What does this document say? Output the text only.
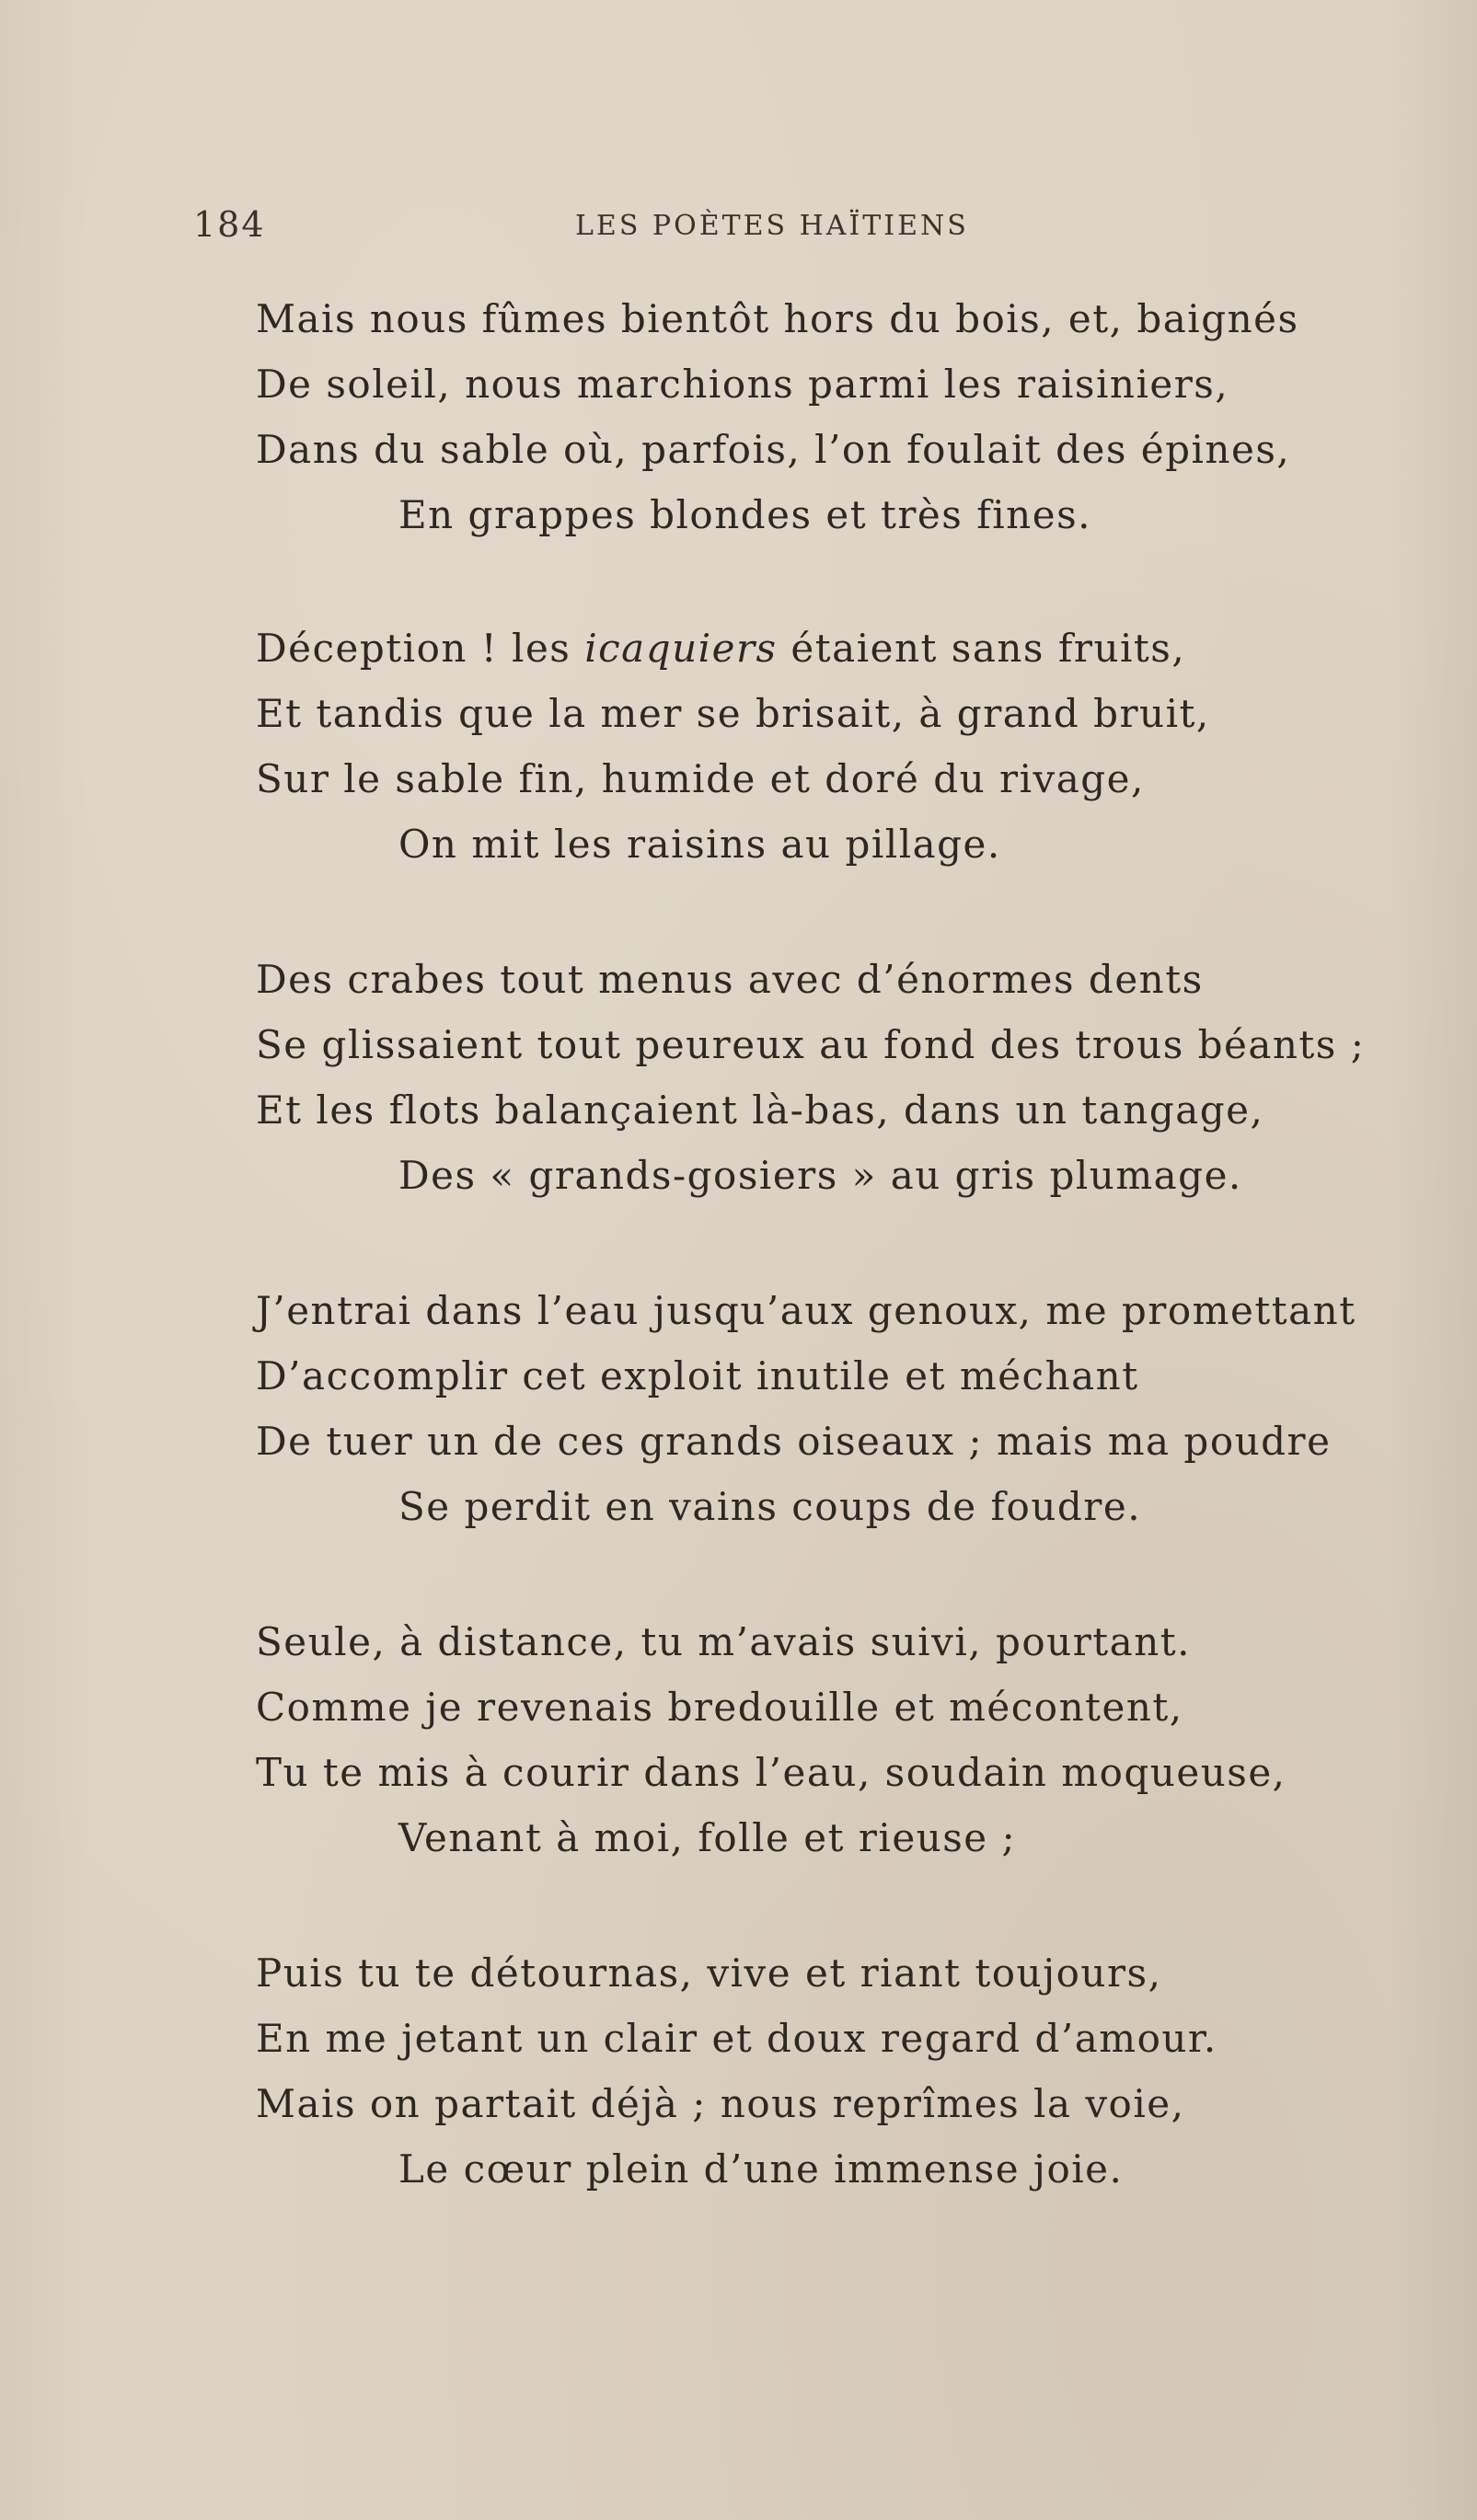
184	LES POÈTES HAÏTIENS
Mais nous fûmes bientôt hors du bois, et, baignés
De soleil, nous marchions parmi les raisiniers,
Dans du sable où, parfois, l’on foulait des épines,
En grappes blondes et très fines.
Déception ! les icaquiers étaient sans fruits,
Et tandis que la mer se brisait, à grand bruit,
Sur le sable fin, humide et doré du rivage,
On mit les raisins au pillage.
Des crabes tout menus avec d’énormes dents
Se glissaient tout peureux au fond des trous béants ;
Et les flots balançaient là-bas, dans un tangage,
Des « grands-gosiers » au gris plumage.
J’entrai dans l’eau jusqu’aux genoux, me promettant
D’accomplir cet exploit inutile et méchant
De tuer un de ces grands oiseaux ; mais ma poudre
Se perdit en vains coups de foudre.
Seule, à distance, tu m’avais suivi, pourtant.
Comme je revenais bredouille et mécontent,
Tu te mis à courir dans l’eau, soudain moqueuse,
Venant à moi, folle et rieuse ;
Puis tu te détournas, vive et riant toujours,
En me jetant un clair et doux regard d’amour.
Mais on partait déjà ; nous reprîmes la voie,
Le cœur plein d’une immense joie.
